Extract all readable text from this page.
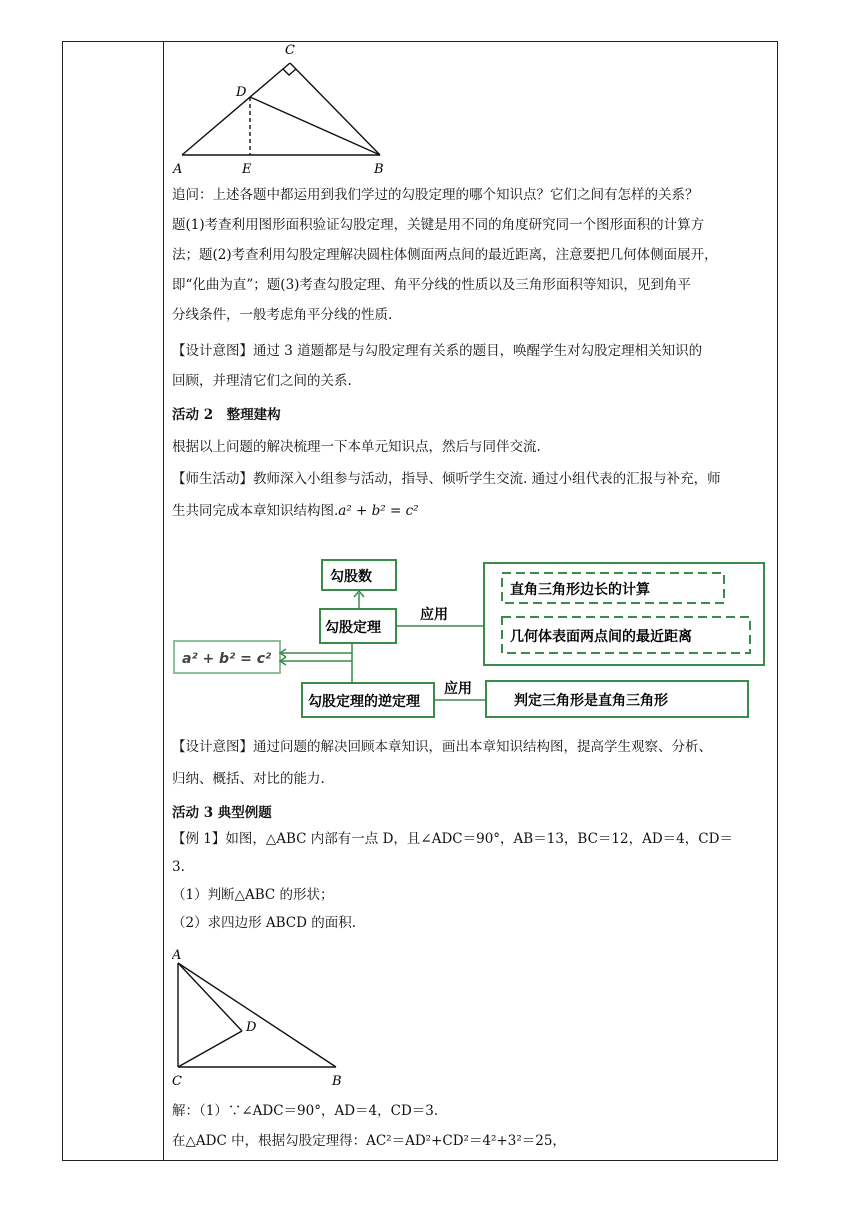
C
D
A	E	B

追问：上述各题中都运用到我们学过的勾股定理的哪个知识点？它们之间有怎样的关系？

题(1)考查利用图形面积验证勾股定理，关键是用不同的角度研究同一个图形面积的计算方

法；题(2)考查利用勾股定理解决圆柱体侧面两点间的最近距离，注意要把几何体侧面展开，

即“化曲为直”；题(3)考查勾股定理、角平分线的性质以及三角形面积等知识，见到角平

分线条件，一般考虑角平分线的性质.

【设计意图】通过 3 道题都是与勾股定理有关系的题目，唤醒学生对勾股定理相关知识的

回顾，并理清它们之间的关系.

活动 2　整理建构

根据以上问题的解决梳理一下本单元知识点，然后与同伴交流.

【师生活动】教师深入小组参与活动，指导、倾听学生交流. 通过小组代表的汇报与补充，师

生共同完成本章知识结构图.a² + b² = c²

勾股数
勾股定理
a² + b² = c²
勾股定理的逆定理
应用
应用
直角三角形边长的计算
几何体表面两点间的最近距离
判定三角形是直角三角形

【设计意图】通过问题的解决回顾本章知识，画出本章知识结构图，提高学生观察、分析、

归纳、概括、对比的能力.

活动 3 典型例题

【例 1】如图，△ABC 内部有一点 D，且∠ADC＝90°，AB＝13，BC＝12，AD＝4，CD＝

3.

（1）判断△ABC 的形状；

（2）求四边形 ABCD 的面积.

A
D
C	B

解：（1）∵∠ADC＝90°，AD＝4，CD＝3.

在△ADC 中，根据勾股定理得：AC²＝AD²+CD²＝4²+3²＝25，
